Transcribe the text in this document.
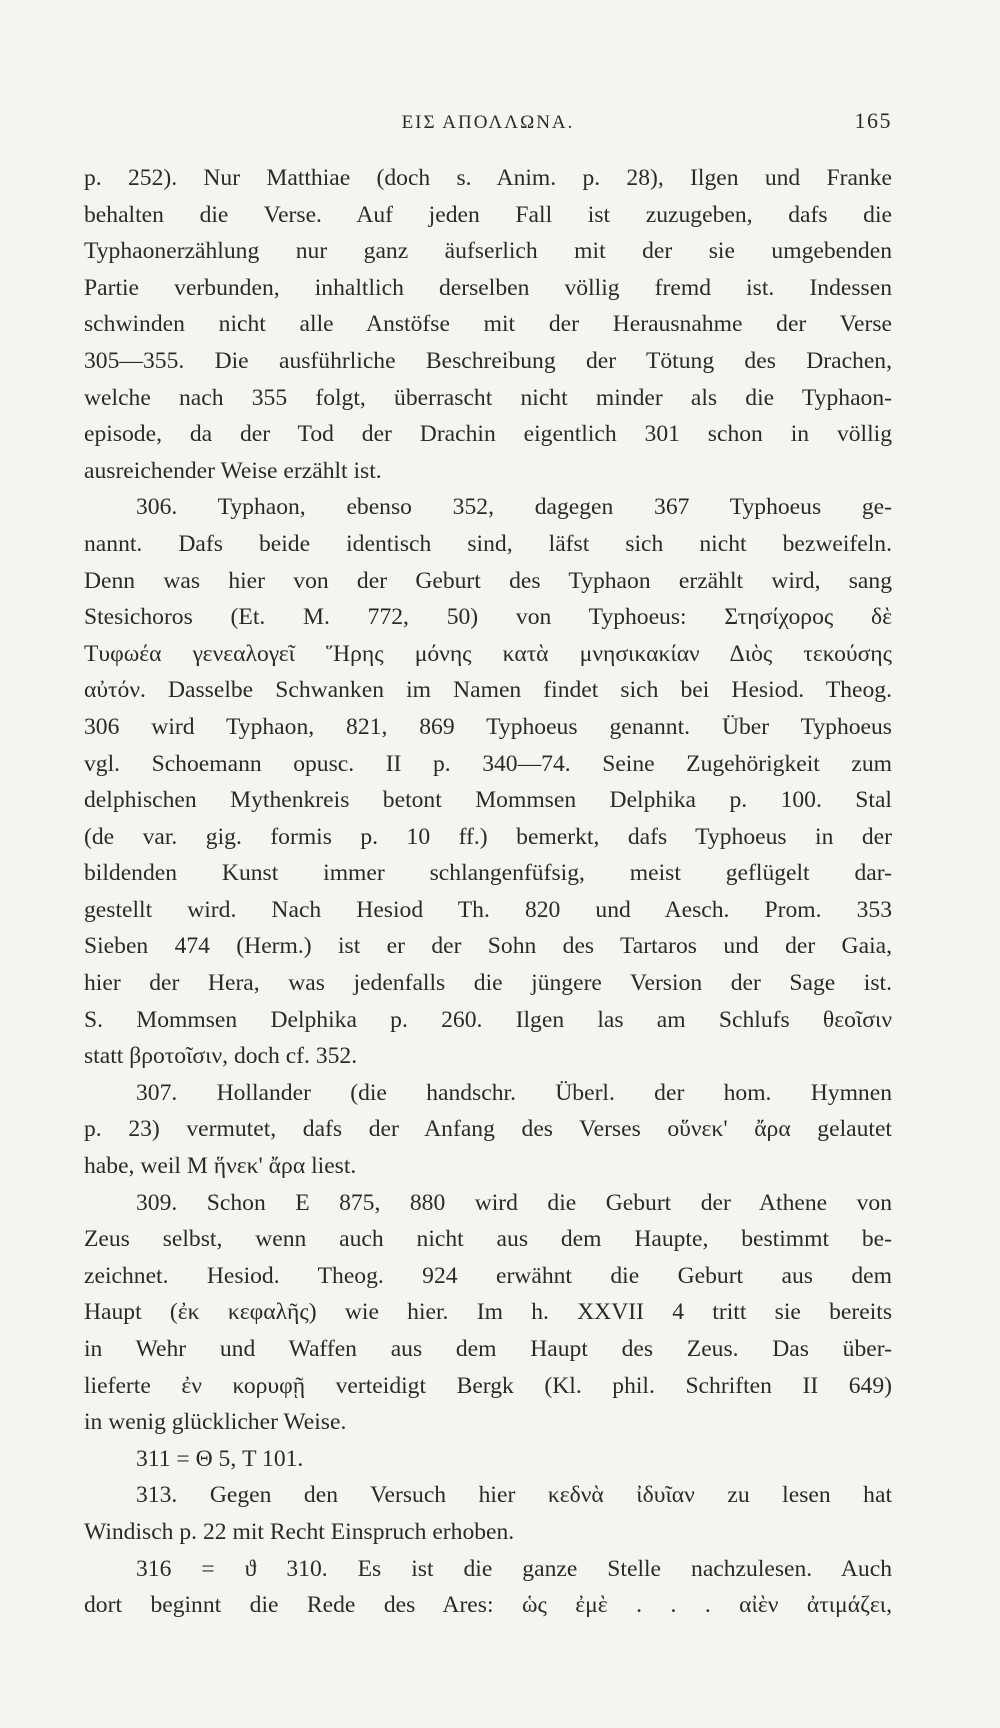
ΕΙΣ ΑΠΟΛΛΩΝΑ.	165
p. 252). Nur Matthiae (doch s. Anim. p. 28), Ilgen und Franke
behalten die Verse. Auf jeden Fall ist zuzugeben, dafs die
Typhaonerzählung nur ganz äufserlich mit der sie umgebenden
Partie verbunden, inhaltlich derselben völlig fremd ist. Indessen
schwinden nicht alle Anstöfse mit der Herausnahme der Verse
305—355. Die ausführliche Beschreibung der Tötung des Drachen,
welche nach 355 folgt, überrascht nicht minder als die Typhaon-
episode, da der Tod der Drachin eigentlich 301 schon in völlig
ausreichender Weise erzählt ist.
306. Typhaon, ebenso 352, dagegen 367 Typhoeus ge-
nannt. Dafs beide identisch sind, läfst sich nicht bezweifeln.
Denn was hier von der Geburt des Typhaon erzählt wird, sang
Stesichoros (Et. M. 772, 50) von Typhoeus: Στησίχορος δὲ
Τυφωέα γενεαλογεῖ Ἥρης μόνης κατὰ μνησικακίαν Διὸς τεκούσης
αὐτόν. Dasselbe Schwanken im Namen findet sich bei Hesiod. Theog.
306 wird Typhaon, 821, 869 Typhoeus genannt. Über Typhoeus
vgl. Schoemann opusc. II p. 340—74. Seine Zugehörigkeit zum
delphischen Mythenkreis betont Mommsen Delphika p. 100. Stal
(de var. gig. formis p. 10 ff.) bemerkt, dafs Typhoeus in der
bildenden Kunst immer schlangenfüfsig, meist geflügelt dar-
gestellt wird. Nach Hesiod Th. 820 und Aesch. Prom. 353
Sieben 474 (Herm.) ist er der Sohn des Tartaros und der Gaia,
hier der Hera, was jedenfalls die jüngere Version der Sage ist.
S. Mommsen Delphika p. 260. Ilgen las am Schlufs θεοῖσιν
statt βροτοῖσιν, doch cf. 352.
307. Hollander (die handschr. Überl. der hom. Hymnen
p. 23) vermutet, dafs der Anfang des Verses οὕνεκ' ἄρα gelautet
habe, weil M ἥνεκ' ἄρα liest.
309. Schon E 875, 880 wird die Geburt der Athene von
Zeus selbst, wenn auch nicht aus dem Haupte, bestimmt be-
zeichnet. Hesiod. Theog. 924 erwähnt die Geburt aus dem
Haupt (ἐκ κεφαλῆς) wie hier. Im h. XXVII 4 tritt sie bereits
in Wehr und Waffen aus dem Haupt des Zeus. Das über-
lieferte ἐν κορυφῇ verteidigt Bergk (Kl. phil. Schriften II 649)
in wenig glücklicher Weise.
311 = Θ 5, T 101.
313. Gegen den Versuch hier κεδνὰ ἰδυῖαν zu lesen hat
Windisch p. 22 mit Recht Einspruch erhoben.
316 = ϑ 310. Es ist die ganze Stelle nachzulesen. Auch
dort beginnt die Rede des Ares: ὡς ἐμὲ . . . αἰὲν ἀτιμάζει,
